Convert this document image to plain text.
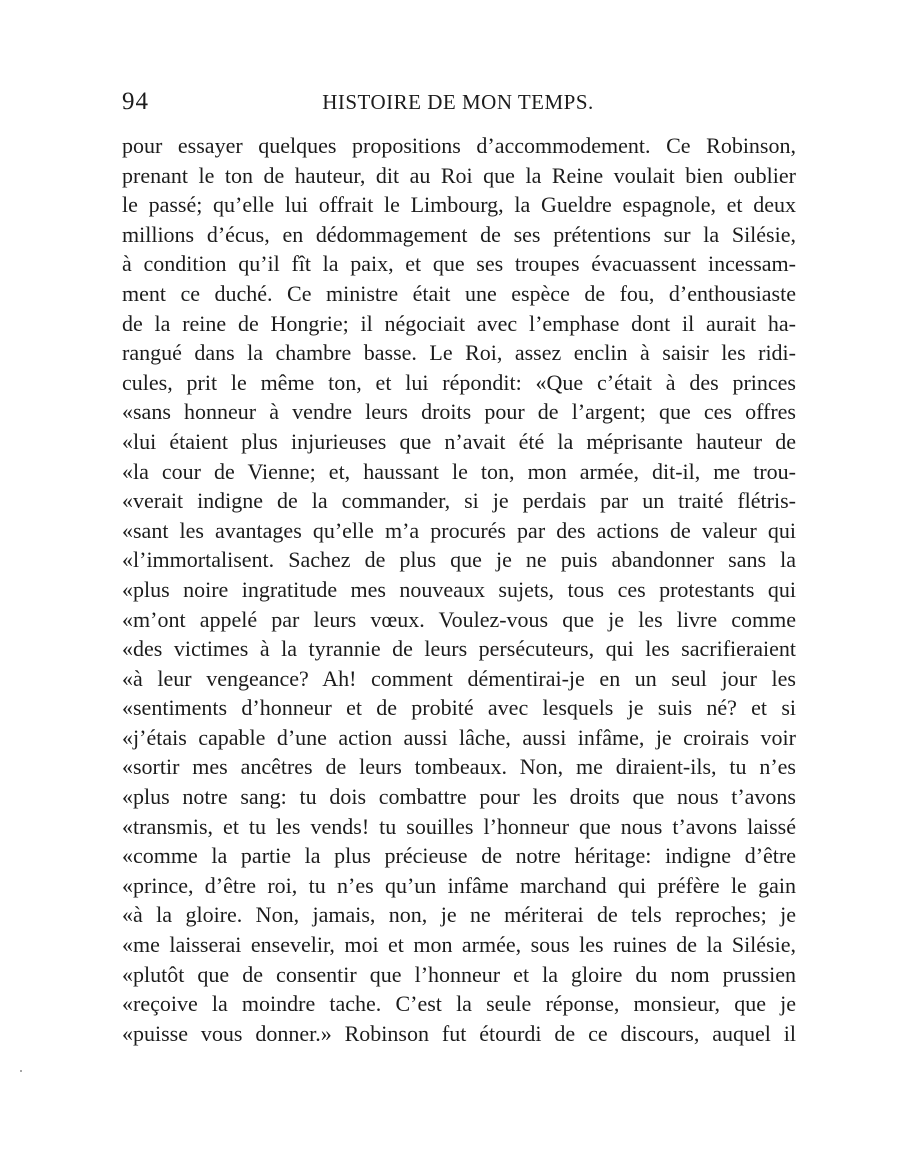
94	HISTOIRE DE MON TEMPS.
pour essayer quelques propositions d’accommodement. Ce Robinson,
prenant le ton de hauteur, dit au Roi que la Reine voulait bien oublier
le passé; qu’elle lui offrait le Limbourg, la Gueldre espagnole, et deux
millions d’écus, en dédommagement de ses prétentions sur la Silésie,
à condition qu’il fît la paix, et que ses troupes évacuassent incessam-
ment ce duché. Ce ministre était une espèce de fou, d’enthousiaste
de la reine de Hongrie; il négociait avec l’emphase dont il aurait ha-
rangué dans la chambre basse. Le Roi, assez enclin à saisir les ridi-
cules, prit le même ton, et lui répondit: «Que c’était à des princes
«sans honneur à vendre leurs droits pour de l’argent; que ces offres
«lui étaient plus injurieuses que n’avait été la méprisante hauteur de
«la cour de Vienne; et, haussant le ton, mon armée, dit-il, me trou-
«verait indigne de la commander, si je perdais par un traité flétris-
«sant les avantages qu’elle m’a procurés par des actions de valeur qui
«l’immortalisent. Sachez de plus que je ne puis abandonner sans la
«plus noire ingratitude mes nouveaux sujets, tous ces protestants qui
«m’ont appelé par leurs vœux. Voulez-vous que je les livre comme
«des victimes à la tyrannie de leurs persécuteurs, qui les sacrifieraient
«à leur vengeance? Ah! comment démentirai-je en un seul jour les
«sentiments d’honneur et de probité avec lesquels je suis né? et si
«j’étais capable d’une action aussi lâche, aussi infâme, je croirais voir
«sortir mes ancêtres de leurs tombeaux. Non, me diraient-ils, tu n’es
«plus notre sang: tu dois combattre pour les droits que nous t’avons
«transmis, et tu les vends! tu souilles l’honneur que nous t’avons laissé
«comme la partie la plus précieuse de notre héritage: indigne d’être
«prince, d’être roi, tu n’es qu’un infâme marchand qui préfère le gain
«à la gloire. Non, jamais, non, je ne mériterai de tels reproches; je
«me laisserai ensevelir, moi et mon armée, sous les ruines de la Silésie,
«plutôt que de consentir que l’honneur et la gloire du nom prussien
«reçoive la moindre tache. C’est la seule réponse, monsieur, que je
«puisse vous donner.» Robinson fut étourdi de ce discours, auquel il
